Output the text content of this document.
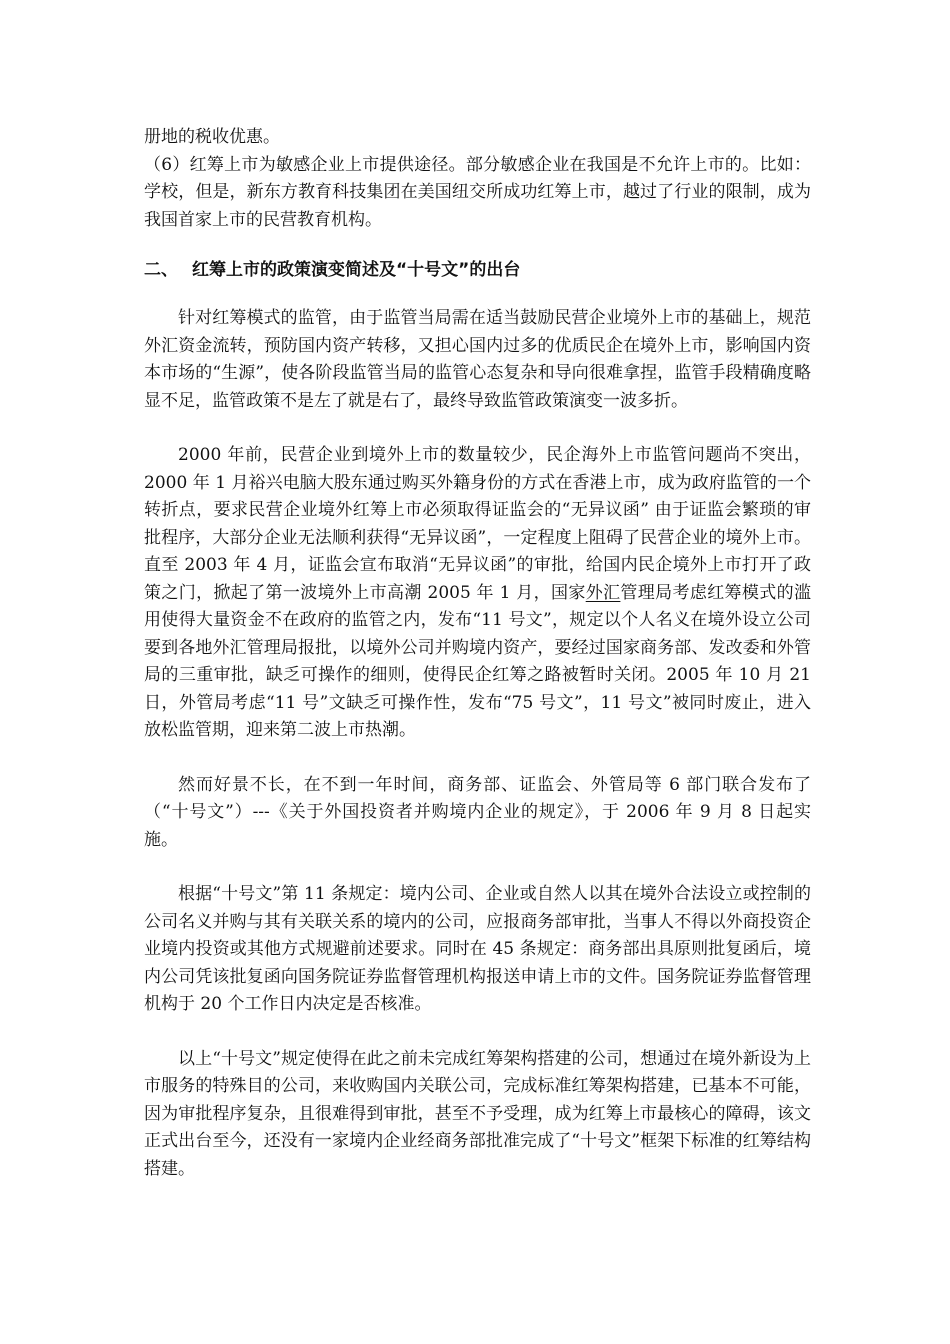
册地的税收优惠。

（6）红筹上市为敏感企业上市提供途径。部分敏感企业在我国是不允许上市的。比如：学校，但是，新东方教育科技集团在美国纽交所成功红筹上市，越过了行业的限制，成为我国首家上市的民营教育机构。

二、 红筹上市的政策演变简述及“十号文”的出台

针对红筹模式的监管，由于监管当局需在适当鼓励民营企业境外上市的基础上，规范外汇资金流转，预防国内资产转移，又担心国内过多的优质民企在境外上市，影响国内资本市场的“生源”，使各阶段监管当局的监管心态复杂和导向很难拿捏，监管手段精确度略显不足，监管政策不是左了就是右了，最终导致监管政策演变一波多折。

2000 年前，民营企业到境外上市的数量较少，民企海外上市监管问题尚不突出，2000 年 1 月裕兴电脑大股东通过购买外籍身份的方式在香港上市，成为政府监管的一个转折点，要求民营企业境外红筹上市必须取得证监会的“无异议函” 由于证监会繁琐的审批程序，大部分企业无法顺利获得“无异议函”，一定程度上阻碍了民营企业的境外上市。直至 2003 年 4 月，证监会宣布取消“无异议函”的审批，给国内民企境外上市打开了政策之门，掀起了第一波境外上市高潮 2005 年 1 月，国家外汇管理局考虑红筹模式的滥用使得大量资金不在政府的监管之内，发布“11 号文”，规定以个人名义在境外设立公司要到各地外汇管理局报批，以境外公司并购境内资产，要经过国家商务部、发改委和外管局的三重审批，缺乏可操作的细则，使得民企红筹之路被暂时关闭。2005 年 10 月 21 日，外管局考虑“11 号”文缺乏可操作性，发布“75 号文”，11 号文”被同时废止，进入放松监管期，迎来第二波上市热潮。

然而好景不长，在不到一年时间，商务部、证监会、外管局等 6 部门联合发布了（“十号文”）---《关于外国投资者并购境内企业的规定》，于 2006 年 9 月 8 日起实施。

根据“十号文”第 11 条规定：境内公司、企业或自然人以其在境外合法设立或控制的公司名义并购与其有关联关系的境内的公司，应报商务部审批，当事人不得以外商投资企业境内投资或其他方式规避前述要求。同时在 45 条规定：商务部出具原则批复函后，境内公司凭该批复函向国务院证券监督管理机构报送申请上市的文件。国务院证券监督管理机构于 20 个工作日内决定是否核准。

以上“十号文”规定使得在此之前未完成红筹架构搭建的公司，想通过在境外新设为上市服务的特殊目的公司，来收购国内关联公司，完成标准红筹架构搭建，已基本不可能，因为审批程序复杂，且很难得到审批，甚至不予受理，成为红筹上市最核心的障碍，该文正式出台至今，还没有一家境内企业经商务部批准完成了“十号文”框架下标准的红筹结构搭建。
